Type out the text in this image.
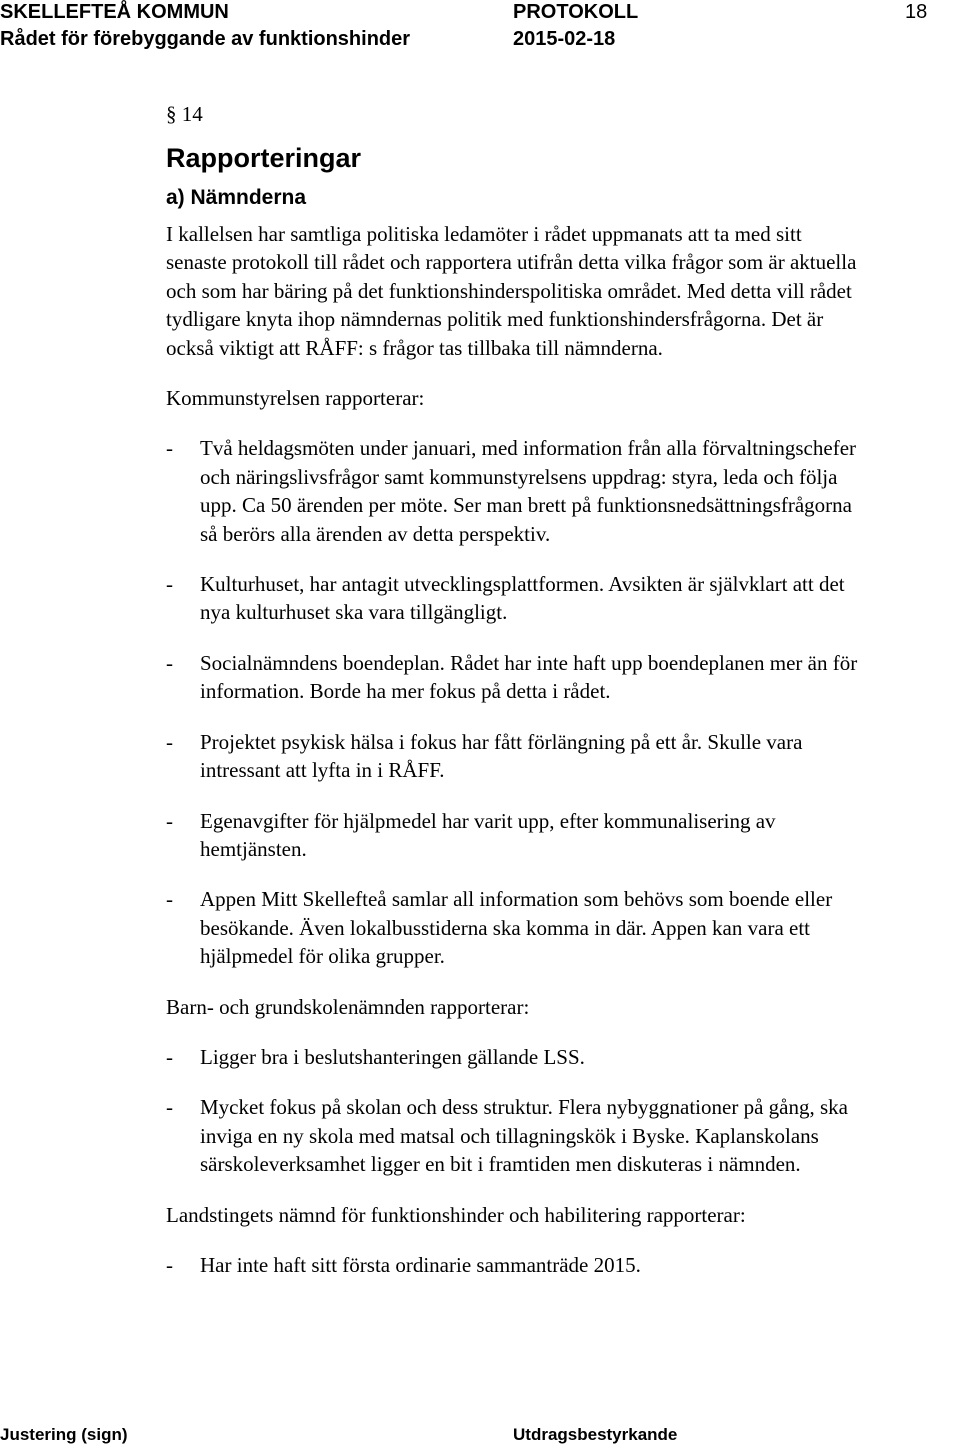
SKELLEFTEÅ KOMMUN	PROTOKOLL	18
Rådet för förebyggande av funktionshinder	2015-02-18

§ 14

Rapporteringar
a) Nämnderna

I kallelsen har samtliga politiska ledamöter i rådet uppmanats att ta med sitt senaste protokoll till rådet och rapportera utifrån detta vilka frågor som är aktuella och som har bäring på det funktionshinderspolitiska området. Med detta vill rådet tydligare knyta ihop nämndernas politik med funktionshindersfrågorna. Det är också viktigt att RÅFF: s frågor tas tillbaka till nämnderna.

Kommunstyrelsen rapporterar:

- Två heldagsmöten under januari, med information från alla förvaltningschefer och näringslivsfrågor samt kommunstyrelsens uppdrag: styra, leda och följa upp. Ca 50 ärenden per möte. Ser man brett på funktionsnedsättningsfrågorna så berörs alla ärenden av detta perspektiv.
- Kulturhuset, har antagit utvecklingsplattformen. Avsikten är självklart att det nya kulturhuset ska vara tillgängligt.
- Socialnämndens boendeplan. Rådet har inte haft upp boendeplanen mer än för information. Borde ha mer fokus på detta i rådet.
- Projektet psykisk hälsa i fokus har fått förlängning på ett år. Skulle vara intressant att lyfta in i RÅFF.
- Egenavgifter för hjälpmedel har varit upp, efter kommunalisering av hemtjänsten.
- Appen Mitt Skellefteå samlar all information som behövs som boende eller besökande. Även lokalbusstiderna ska komma in där. Appen kan vara ett hjälpmedel för olika grupper.

Barn- och grundskolenämnden rapporterar:

- Ligger bra i beslutshanteringen gällande LSS.
- Mycket fokus på skolan och dess struktur. Flera nybyggnationer på gång, ska inviga en ny skola med matsal och tillagningskök i Byske. Kaplanskolans särskoleverksamhet ligger en bit i framtiden men diskuteras i nämnden.

Landstingets nämnd för funktionshinder och habilitering rapporterar:

- Har inte haft sitt första ordinarie sammanträde 2015.
Justering (sign)	Utdragsbestyrkande
